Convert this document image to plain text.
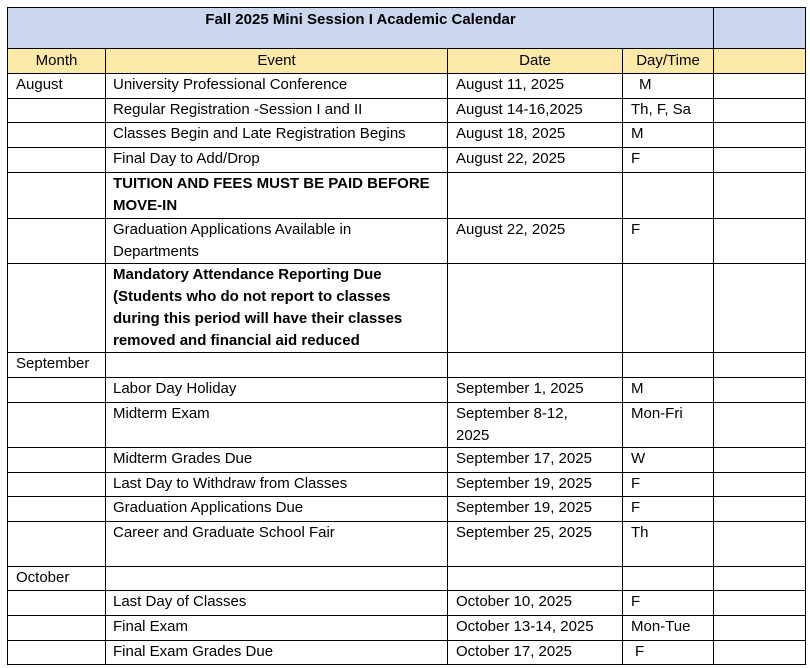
Fall 2025 Mini Session I Academic Calendar				
Month	Event	Date	Day/Time	
August	University Professional Conference	August 11, 2025	M	
	Regular Registration -Session I and II	August 14-16,2025	Th, F, Sa	
	Classes Begin and Late Registration Begins	August 18, 2025	M	
	Final Day to Add/Drop	August 22, 2025	F	
	TUITION AND FEES MUST BE PAID BEFORE MOVE-IN			
	Graduation Applications Available in Departments	August 22, 2025	F	
	Mandatory Attendance Reporting Due (Students who do not report to classes during this period will have their classes removed and financial aid reduced			
September				
	Labor Day Holiday	September 1, 2025	M	
	Midterm Exam	September 8-12, 2025	Mon-Fri	
	Midterm Grades Due	September 17, 2025	W	
	Last Day to Withdraw from Classes	September 19, 2025	F	
	Graduation Applications Due	September 19, 2025	F	
	Career and Graduate School Fair	September 25, 2025	Th	
October				
	Last Day of Classes	October 10, 2025	F	
	Final Exam	October 13-14, 2025	Mon-Tue	
	Final Exam Grades Due	October 17, 2025	F	
